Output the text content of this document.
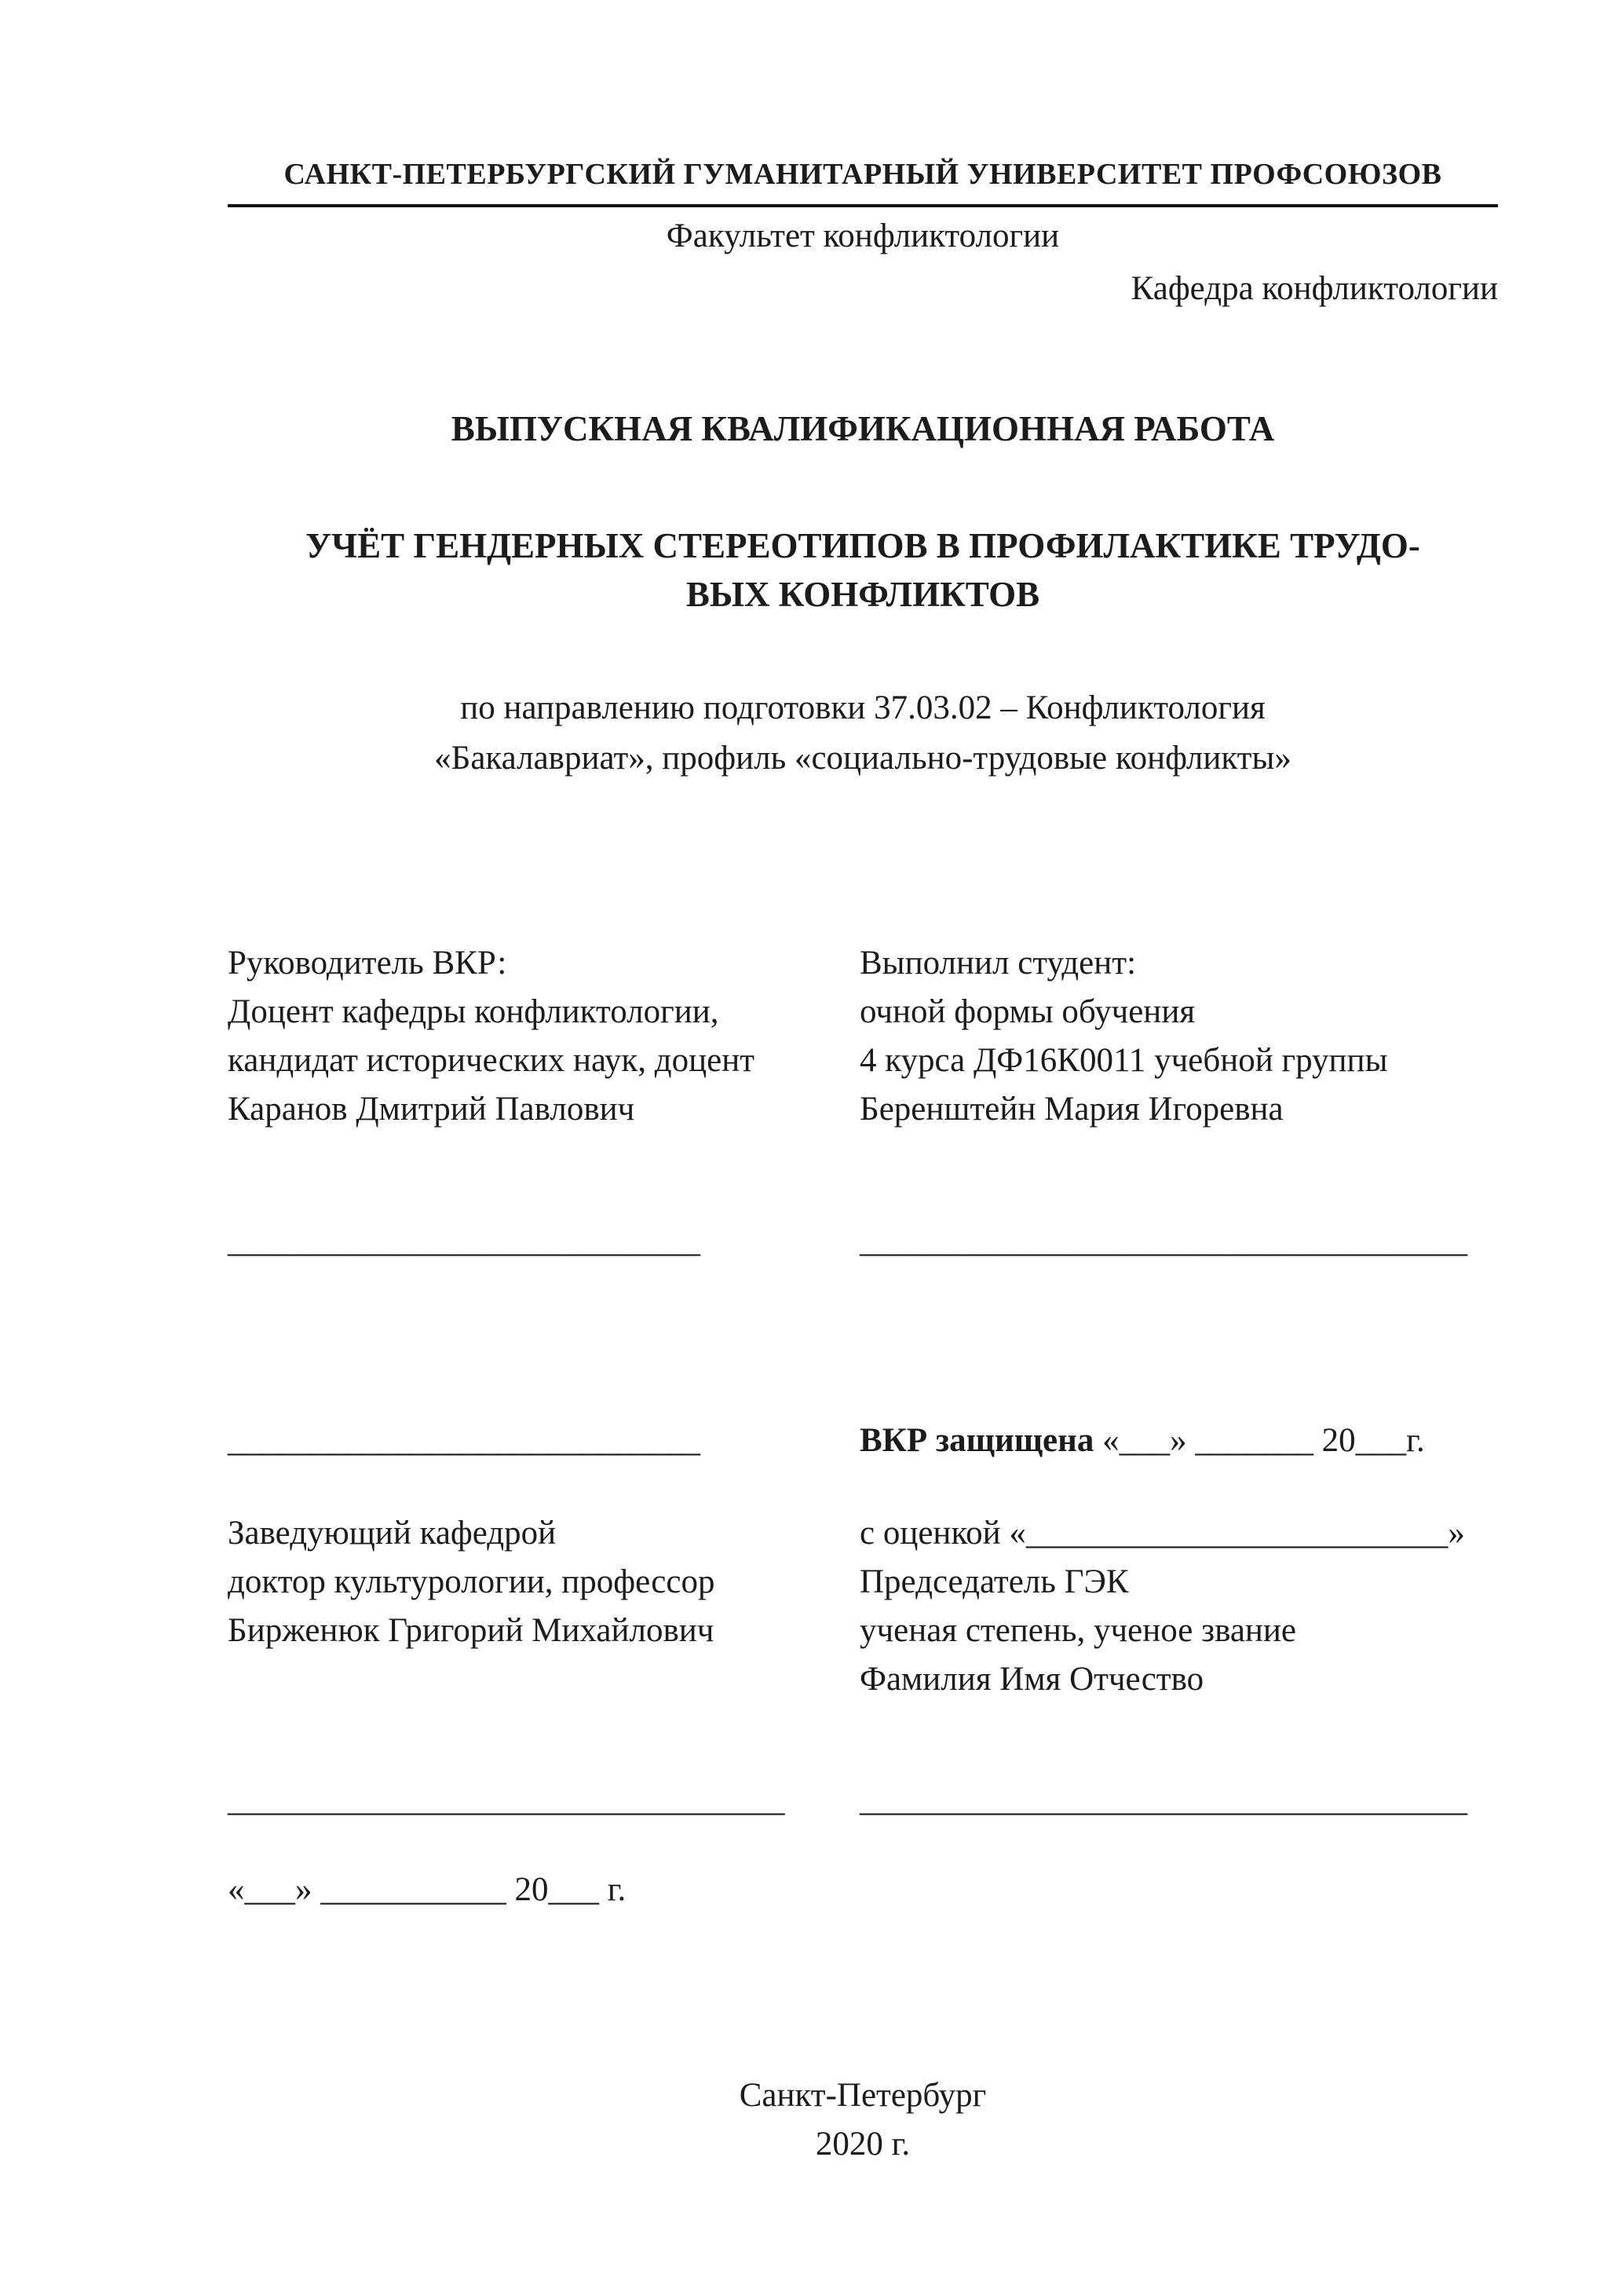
САНКТ-ПЕТЕРБУРГСКИЙ ГУМАНИТАРНЫЙ УНИВЕРСИТЕТ ПРОФСОЮЗОВ
Факультет конфликтологии
Кафедра конфликтологии
ВЫПУСКНАЯ КВАЛИФИКАЦИОННАЯ РАБОТА
УЧЁТ ГЕНДЕРНЫХ СТЕРЕОТИПОВ В ПРОФИЛАКТИКЕ ТРУДО-
ВЫХ КОНФЛИКТОВ
по направлению подготовки 37.03.02 – Конфликтология
«Бакалавриат», профиль «социально-трудовые конфликты»
Руководитель ВКР:
Доцент кафедры конфликтологии,
кандидат исторических наук, доцент
Каранов Дмитрий Павлович
Выполнил студент:
очной формы обучения
4 курса ДФ16К0011 учебной группы
Беренштейн Мария Игоревна
____________________________	____________________________________
____________________________	ВКР защищена «___» _______ 20___г.
Заведующий кафедрой
доктор культурологии, профессор
Бирженюк Григорий Михайлович
с оценкой «_________________________»
Председатель ГЭК
ученая степень, ученое звание
Фамилия Имя Отчество
_________________________________	____________________________________
«___» ___________ 20___ г.
Санкт-Петербург
2020 г.
